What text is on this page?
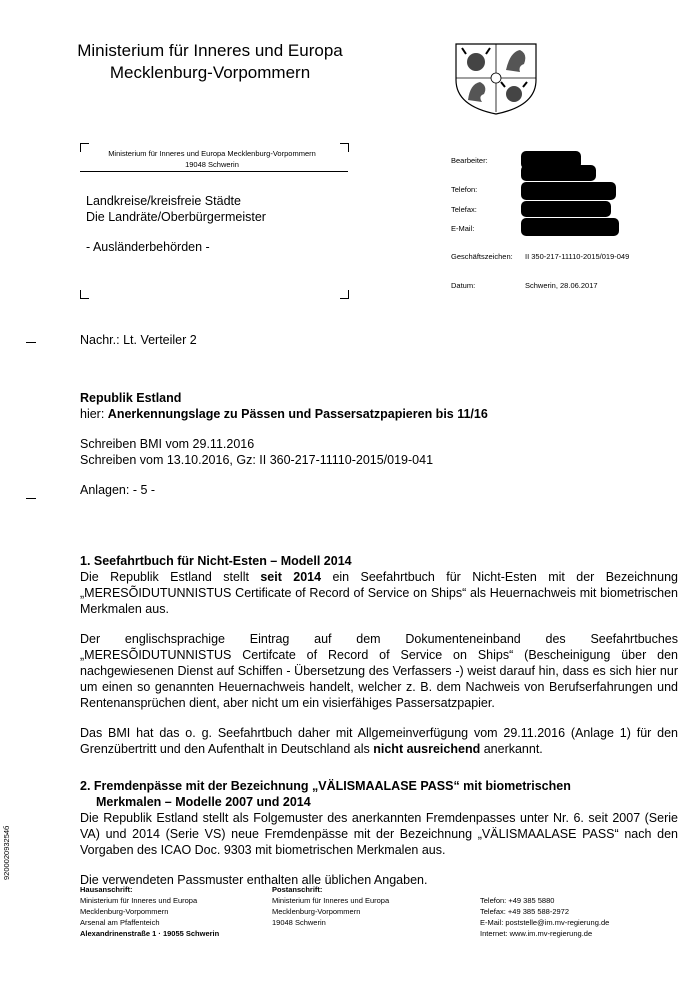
Ministerium für Inneres und Europa
Mecklenburg-Vorpommern
Ministerium für Inneres und Europa Mecklenburg-Vorpommern
19048 Schwerin
Landkreise/kreisfreie Städte
Die Landräte/Oberbürgermeister
- Ausländerbehörden -
Bearbeiter:
Telefon:
Telefax:
E-Mail:
Geschäftszeichen: II 350-217-11110-2015/019-049
Datum:	Schwerin, 28.06.2017
Nachr.: Lt. Verteiler 2
Republik Estland
hier: Anerkennungslage zu Pässen und Passersatzpapieren bis 11/16
Schreiben BMI vom 29.11.2016
Schreiben vom 13.10.2016, Gz: II 360-217-11110-2015/019-041
Anlagen: - 5 -

1. Seefahrtbuch für Nicht-Esten – Modell 2014

Die Republik Estland stellt seit 2014 ein Seefahrtbuch für Nicht-Esten mit der Bezeichnung „MERESÕIDUTUNNISTUS Certificate of Record of Service on Ships“ als Heuernachweis mit biometrischen Merkmalen aus.

Der englischsprachige Eintrag auf dem Dokumenteneinband des Seefahrtbuches „MERESÕIDUTUNNISTUS Certifcate of Record of Service on Ships“ (Bescheinigung über den nachgewiesenen Dienst auf Schiffen - Übersetzung des Verfassers -) weist darauf hin, dass es sich hier nur um einen so genannten Heuernachweis handelt, welcher z. B. dem Nachweis von Berufserfahrungen und Rentenansprüchen dient, aber nicht um ein visierfähiges Passersatzpapier.

Das BMI hat das o. g. Seefahrtbuch daher mit Allgemeinverfügung vom 29.11.2016 (Anlage 1) für den Grenzübertritt und den Aufenthalt in Deutschland als nicht ausreichend anerkannt.

2. Fremdenpässe mit der Bezeichnung „VÄLISMAALASE PASS“ mit biometrischen

Merkmalen – Modelle 2007 und 2014

Die Republik Estland stellt als Folgemuster des anerkannten Fremdenpasses unter Nr. 6. seit 2007 (Serie VA) und 2014 (Serie VS) neue Fremdenpässe mit der Bezeichnung „VÄLISMAALASE PASS“ nach den Vorgaben des ICAO Doc. 9303 mit biometrischen Merkmalen aus.

Die verwendeten Passmuster enthalten alle üblichen Angaben.

920002093254б
Hausanschrift:
Ministerium für Inneres und Europa
Mecklenburg-Vorpommern
Arsenal am Pfaffenteich
Alexandrinenstraße 1 · 19055 Schwerin
Postanschrift:
Ministerium für Inneres und Europa
Mecklenburg-Vorpommern
19048 Schwerin
Telefon: +49 385 5880
Telefax: +49 385 588-2972
E-Mail: poststelle@im.mv-regierung.de
Internet: www.im.mv-regierung.de
